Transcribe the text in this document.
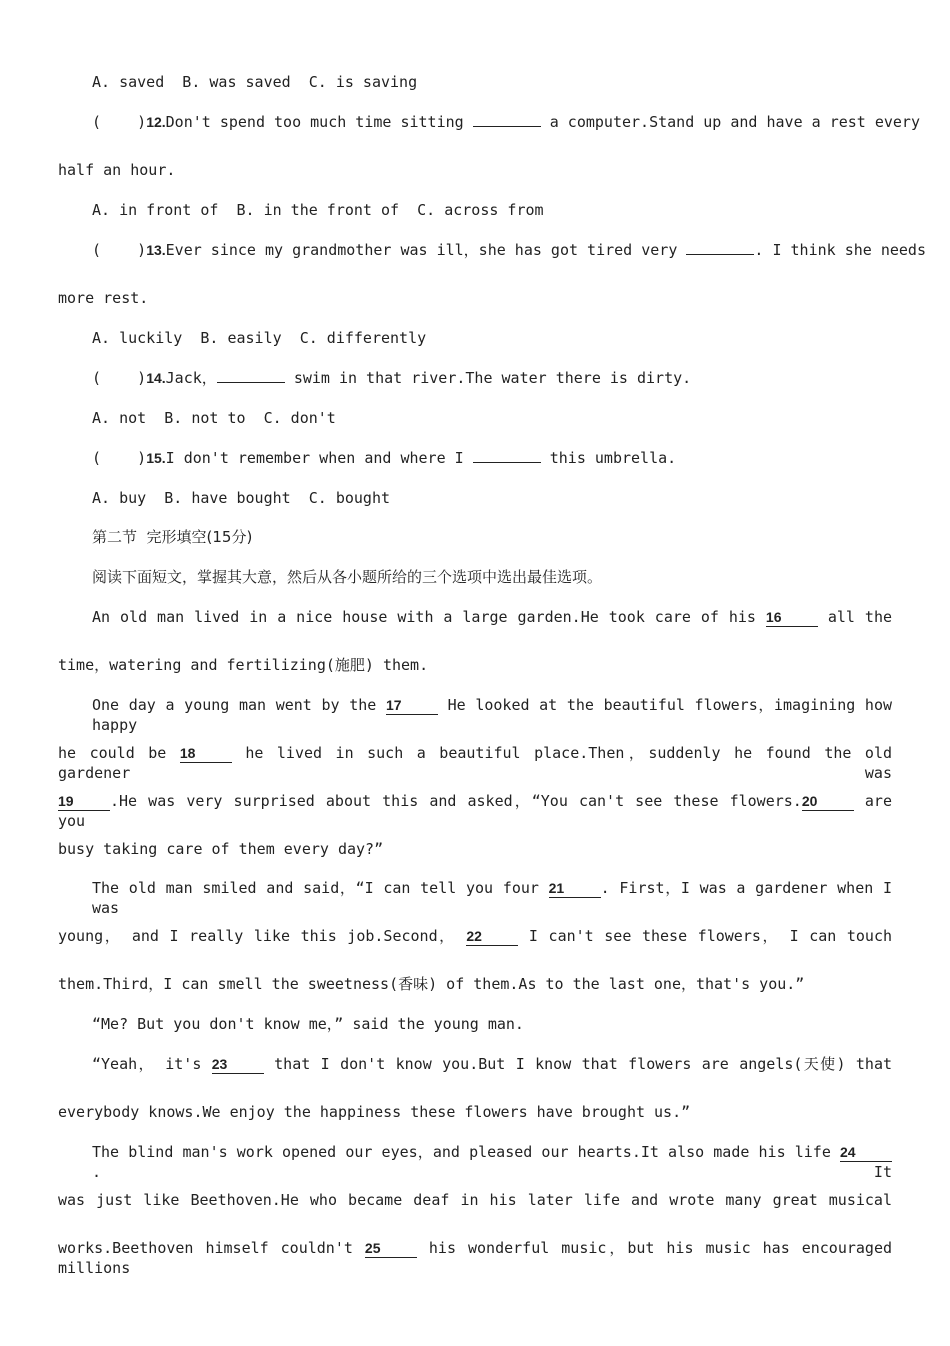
A. saved  B. was saved  C. is saving
(    )12.Don't spend too much time sitting	a computer.Stand up and have a rest every
half an hour.
A. in front of  B. in the front of  C. across from
(    )13.Ever since my grandmother was ill，she has got tired very	. I think she needs
more rest.
A. luckily  B. easily  C. differently
(    )14.Jack，	swim in that river.The water there is dirty.
A. not  B. not to  C. don't
(    )15.I don't remember when and where I	this umbrella.
A. buy  B. have bought  C. bought
第二节  完形填空(15分)
阅读下面短文，掌握其大意，然后从各小题所给的三个选项中选出最佳选项。
An old man lived in a nice house with a large garden.He took care of his 16	all the
time，watering and fertilizing(施肥) them.
One day a young man went by the 17	He looked at the beautiful flowers，imagining how happy
he could be 18	he lived in such a beautiful place.Then，suddenly he found the old gardener was
19 .He was very surprised about this and asked，“You can't see these flowers.20	are you
busy taking care of them every day?”
The old man smiled and said，“I can tell you four 21 . First，I was a gardener when I was
young， and I really like this job.Second， 22	I can't see these flowers， I can touch
them.Third，I can smell the sweetness(香味) of them.As to the last one，that's you.”
“Me? But you don't know me，” said the young man.
“Yeah， it's 23	that I don't know you.But I know that flowers are angels(天使) that
everybody knows.We enjoy the happiness these flowers have brought us.”
The blind man's work opened our eyes，and pleased our hearts.It also made his life 24. It
was just like Beethoven.He who became deaf in his later life and wrote many great musical
works.Beethoven himself couldn't 25	his wonderful music，but his music has encouraged millions
